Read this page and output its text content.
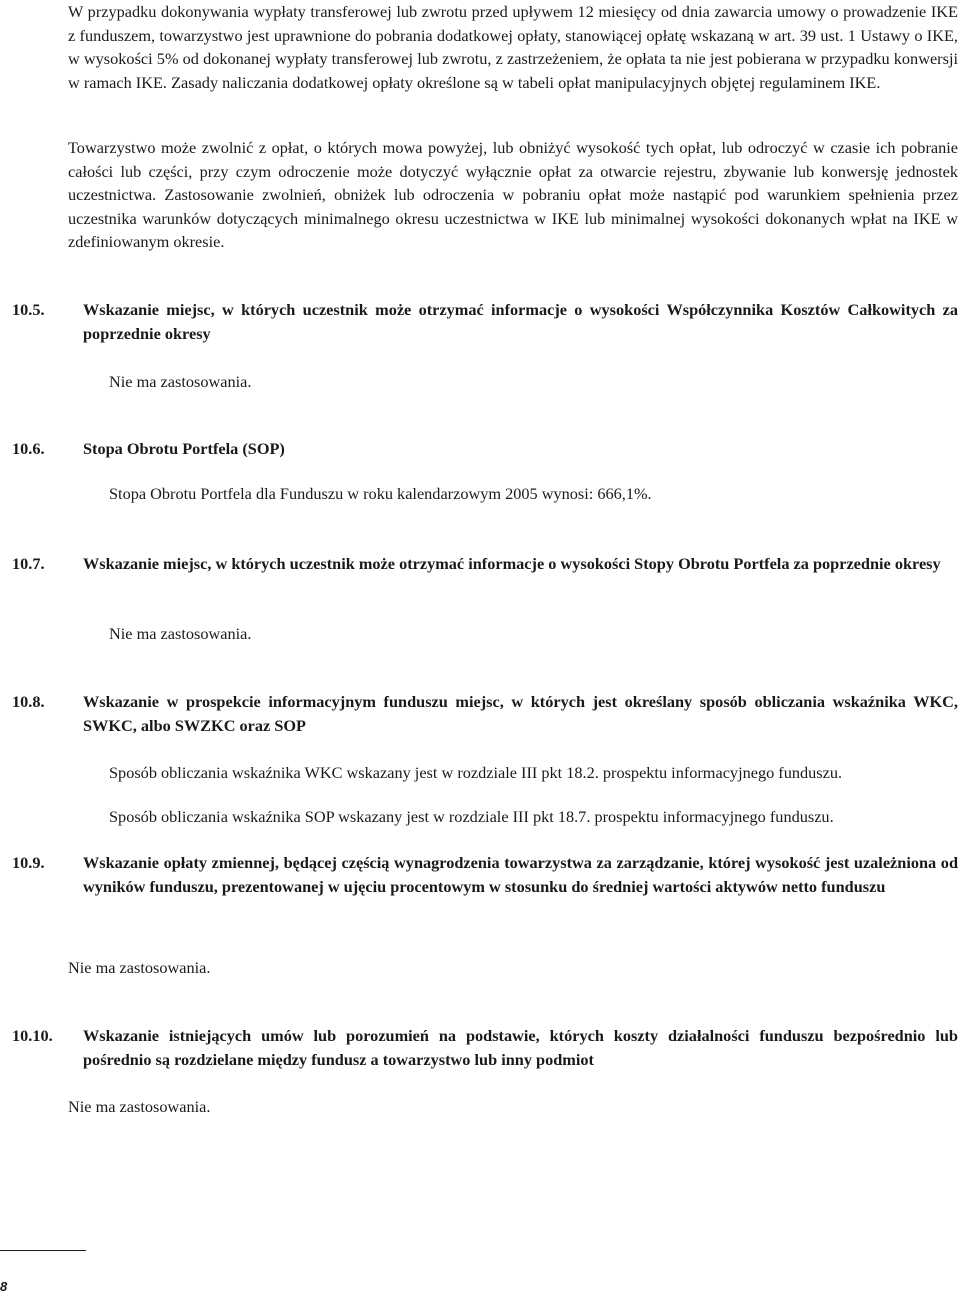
W przypadku dokonywania wypłaty transferowej lub zwrotu przed upływem 12 miesięcy od dnia zawarcia umowy o prowadzenie IKE z funduszem, towarzystwo jest uprawnione do pobrania dodatkowej opłaty, stanowiącej opłatę wskazaną w art. 39 ust. 1 Ustawy o IKE, w wysokości 5% od dokonanej wypłaty transferowej lub zwrotu, z zastrzeżeniem, że opłata ta nie jest pobierana w przypadku konwersji w ramach IKE. Zasady naliczania dodatkowej opłaty określone są w tabeli opłat manipulacyjnych objętej regulaminem IKE.

Towarzystwo może zwolnić z opłat, o których mowa powyżej, lub obniżyć wysokość tych opłat, lub odroczyć w czasie ich pobranie całości lub części, przy czym odroczenie może dotyczyć wyłącznie opłat za otwarcie rejestru, zbywanie lub konwersję jednostek uczestnictwa. Zastosowanie zwolnień, obniżek lub odroczenia w pobraniu opłat może nastąpić pod warunkiem spełnienia przez uczestnika warunków dotyczących minimalnego okresu uczestnictwa w IKE lub minimalnej wysokości dokonanych wpłat na IKE w zdefiniowanym okresie.

10.5.	Wskazanie miejsc, w których uczestnik może otrzymać informacje o wysokości Współczynnika Kosztów Całkowitych za poprzednie okresy

Nie ma zastosowania.

10.6.	Stopa Obrotu Portfela (SOP)

Stopa Obrotu Portfela dla Funduszu w roku kalendarzowym 2005 wynosi: 666,1%.

10.7.	Wskazanie miejsc, w których uczestnik może otrzymać informacje o wysokości Stopy Obrotu Portfela za poprzednie okresy

Nie ma zastosowania.

10.8.	Wskazanie w prospekcie informacyjnym funduszu miejsc, w których jest określany sposób obliczania wskaźnika WKC, SWKC, albo SWZKC oraz SOP

Sposób obliczania wskaźnika WKC wskazany jest w rozdziale III pkt 18.2. prospektu informacyjnego funduszu.

Sposób obliczania wskaźnika SOP wskazany jest w rozdziale III pkt 18.7. prospektu informacyjnego funduszu.

10.9.	Wskazanie opłaty zmiennej, będącej częścią wynagrodzenia towarzystwa za zarządzanie, której wysokość jest uzależniona od wyników funduszu, prezentowanej w ujęciu procentowym w stosunku do średniej wartości aktywów netto funduszu

Nie ma zastosowania.

10.10.	Wskazanie istniejących umów lub porozumień na podstawie, których koszty działalności funduszu bezpośrednio lub pośrednio są rozdzielane między fundusz a towarzystwo lub inny podmiot

Nie ma zastosowania.

8
